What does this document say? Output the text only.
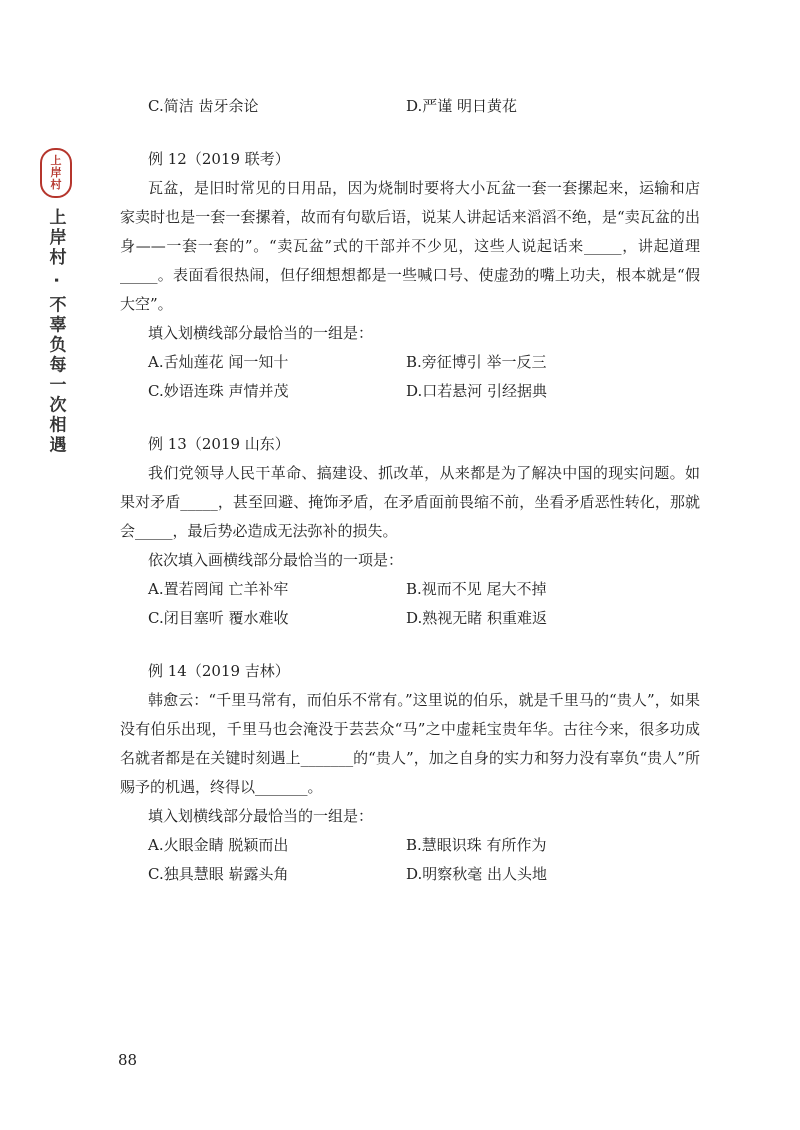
上
岸
村
上岸村 · 不辜负每一次相遇
C.简洁 齿牙余论	D.严谨 明日黄花
例 12（2019 联考）
瓦盆，是旧时常见的日用品，因为烧制时要将大小瓦盆一套一套摞起来，运输和店家卖时也是一套一套摞着，故而有句歇后语，说某人讲起话来滔滔不绝，是“卖瓦盆的出身——一套一套的”。“卖瓦盆”式的干部并不少见，这些人说起话来_____，讲起道理_____。表面看很热闹，但仔细想想都是一些喊口号、使虚劲的嘴上功夫，根本就是“假大空”。
填入划横线部分最恰当的一组是：
A.舌灿莲花 闻一知十	B.旁征博引 举一反三
C.妙语连珠 声情并茂	D.口若悬河 引经据典
例 13（2019 山东）
我们党领导人民干革命、搞建设、抓改革，从来都是为了解决中国的现实问题。如果对矛盾_____，甚至回避、掩饰矛盾，在矛盾面前畏缩不前，坐看矛盾恶性转化，那就会_____，最后势必造成无法弥补的损失。
依次填入画横线部分最恰当的一项是：
A.置若罔闻 亡羊补牢	B.视而不见 尾大不掉
C.闭目塞听 覆水难收	D.熟视无睹 积重难返
例 14（2019 吉林）
韩愈云：“千里马常有，而伯乐不常有。”这里说的伯乐，就是千里马的“贵人”，如果没有伯乐出现，千里马也会淹没于芸芸众“马”之中虚耗宝贵年华。古往今来，很多功成名就者都是在关键时刻遇上_______的“贵人”，加之自身的实力和努力没有辜负“贵人”所赐予的机遇，终得以_______。
填入划横线部分最恰当的一组是：
A.火眼金睛 脱颖而出	B.慧眼识珠 有所作为
C.独具慧眼 崭露头角	D.明察秋毫 出人头地
88
